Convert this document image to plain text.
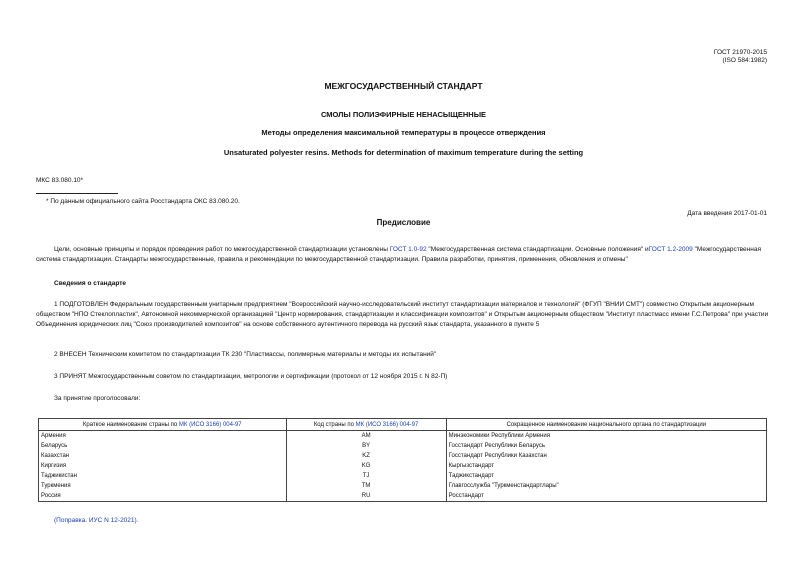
ГОСТ 21970-2015
(ISO 584:1982)
МЕЖГОСУДАРСТВЕННЫЙ СТАНДАРТ
СМОЛЫ ПОЛИЭФИРНЫЕ НЕНАСЫЩЕННЫЕ
Методы определения максимальной температуры в процессе отверждения
Unsaturated polyester resins. Methods for determination of maximum temperature during the setting
МКС 83.080.10*
* По данным официального сайта Росстандарта ОКС 83.080.20.
Дата введения 2017-01-01
Предисловие
Цели, основные принципы и порядок проведения работ по межгосударственной стандартизации установлены ГОСТ 1.0-92 "Межгосударственная система стандартизации. Основные положения" иГОСТ 1.2-2009 "Межгосударственная система стандартизации. Стандарты межгосударственные, правила и рекомендации по межгосударственной стандартизации. Правила разработки, принятия, применения, обновления и отмены"
Сведения о стандарте
1 ПОДГОТОВЛЕН Федеральным государственным унитарным предприятием "Всероссийский научно-исследовательский институт стандартизации материалов и технологий" (ФГУП "ВНИИ СМТ") совместно Открытым акционерным обществом "НПО Стеклопластик", Автономной некоммерческой организацией "Центр нормирования, стандартизации и классификации композитов" и Открытым акционерным обществом "Институт пластмасс имени Г.С.Петрова" при участии Объединения юридических лиц "Союз производителей композитов" на основе собственного аутентичного перевода на русский язык стандарта, указанного в пункте 5
2 ВНЕСЕН Техническим комитетом по стандартизации ТК 230 "Пластмассы, полимерные материалы и методы их испытаний"
3 ПРИНЯТ Межгосударственным советом по стандартизации, метрологии и сертификации (протокол от 12 ноября 2015 г. N 82-П)
За принятие проголосовали:
Краткое наименование страны по МК (ИСО 3166) 004-97	Код страны по МК (ИСО 3166) 004-97	Сокращенное наименование национального органа по стандартизации
Армения	AM	Минэкономики Республики Армения
Беларусь	BY	Госстандарт Республики Беларусь
Казахстан	KZ	Госстандарт Республики Казахстан
Киргизия	KG	Кыргызстандарт
Таджикистан	TJ	Таджикстандарт
Туркмения	TM	Главгосслужба "Туркменстандартлары"
Россия	RU	Росстандарт
(Поправка. ИУС N 12-2021).
